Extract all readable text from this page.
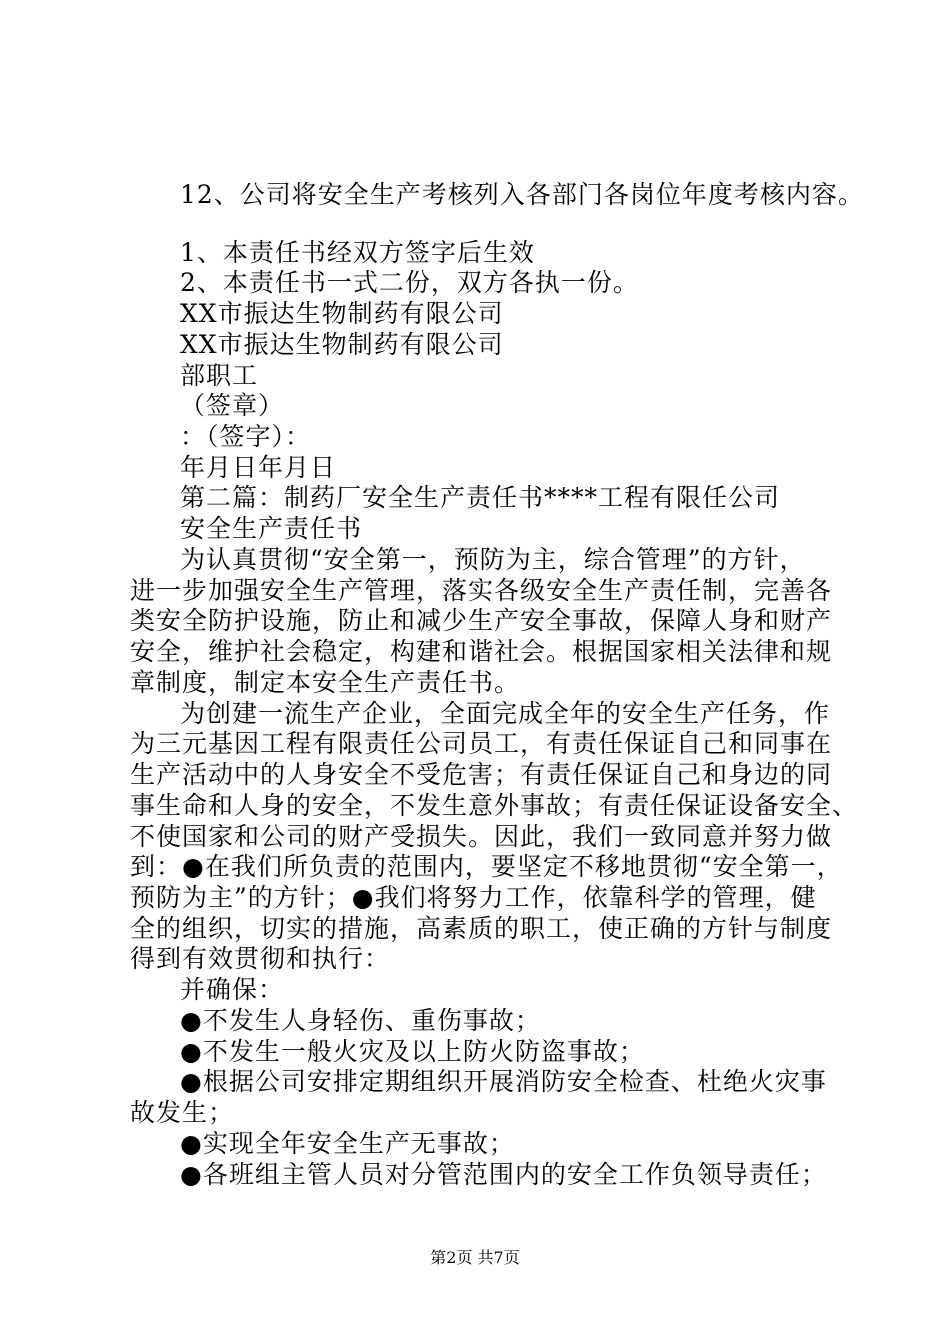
12、公司将安全生产考核列入各部门各岗位年度考核内容。
1、本责任书经双方签字后生效
2、本责任书一式二份，双方各执一份。
XX市振达生物制药有限公司
XX市振达生物制药有限公司
部职工
（签章）
：（签字）：
年月日年月日
第二篇：制药厂安全生产责任书****工程有限任公司
安全生产责任书
为认真贯彻“安全第一，预防为主，综合管理”的方针，
进一步加强安全生产管理，落实各级安全生产责任制，完善各
类安全防护设施，防止和减少生产安全事故，保障人身和财产
安全，维护社会稳定，构建和谐社会。根据国家相关法律和规
章制度，制定本安全生产责任书。
为创建一流生产企业，全面完成全年的安全生产任务，作
为三元基因工程有限责任公司员工，有责任保证自己和同事在
生产活动中的人身安全不受危害；有责任保证自己和身边的同
事生命和人身的安全，不发生意外事故；有责任保证设备安全、
不使国家和公司的财产受损失。因此，我们一致同意并努力做
到：●在我们所负责的范围内，要坚定不移地贯彻“安全第一，
预防为主”的方针；●我们将努力工作，依靠科学的管理，健
全的组织，切实的措施，高素质的职工，使正确的方针与制度
得到有效贯彻和执行：
并确保：
●不发生人身轻伤、重伤事故；
●不发生一般火灾及以上防火防盗事故；
●根据公司安排定期组织开展消防安全检查、杜绝火灾事
故发生；
●实现全年安全生产无事故；
●各班组主管人员对分管范围内的安全工作负领导责任；
第2页 共7页
